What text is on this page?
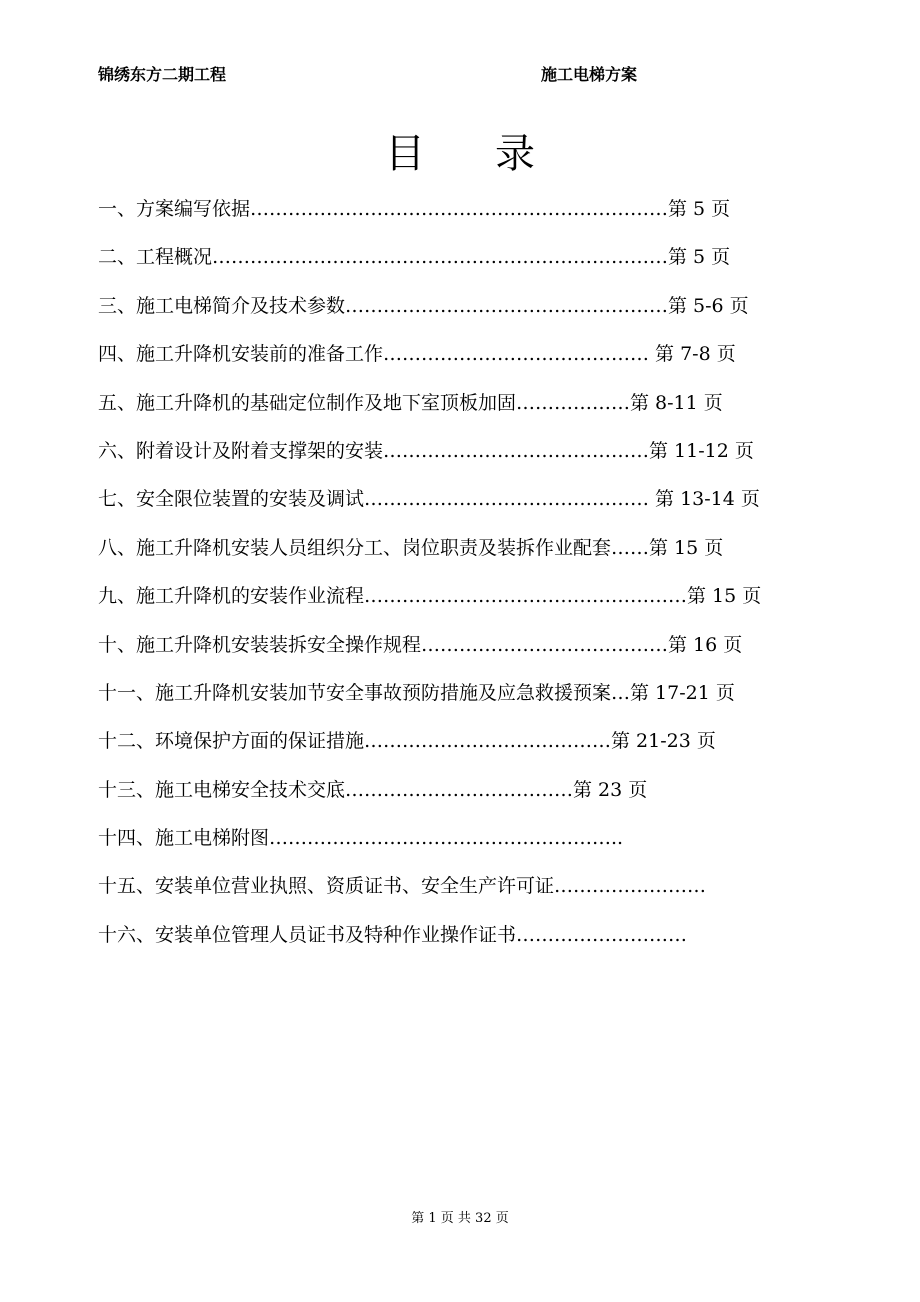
锦绣东方二期工程	施工电梯方案
目录
一、方案编写依据…………………………………………………………第 5 页
二、工程概况………………………………………………………………第 5 页
三、施工电梯简介及技术参数……………………………………………第 5-6 页
四、施工升降机安装前的准备工作…………………………………… 第 7-8 页
五、施工升降机的基础定位制作及地下室顶板加固………………第 8-11 页
六、附着设计及附着支撑架的安装……………………………………第 11-12 页
七、安全限位装置的安装及调试……………………………………… 第 13-14 页
八、施工升降机安装人员组织分工、岗位职责及装拆作业配套……第 15 页
九、施工升降机的安装作业流程……………………………………………第 15 页
十、施工升降机安装装拆安全操作规程…………………………………第 16 页
十一、施工升降机安装加节安全事故预防措施及应急救援预案…第 17-21 页
十二、环境保护方面的保证措施…………………………………第 21-23 页
十三、施工电梯安全技术交底………………………………第 23 页
十四、施工电梯附图………………………………………………..
十五、安装单位营业执照、资质证书、安全生产许可证……………………
十六、安装单位管理人员证书及特种作业操作证书………………………
第 1 页 共 32 页
